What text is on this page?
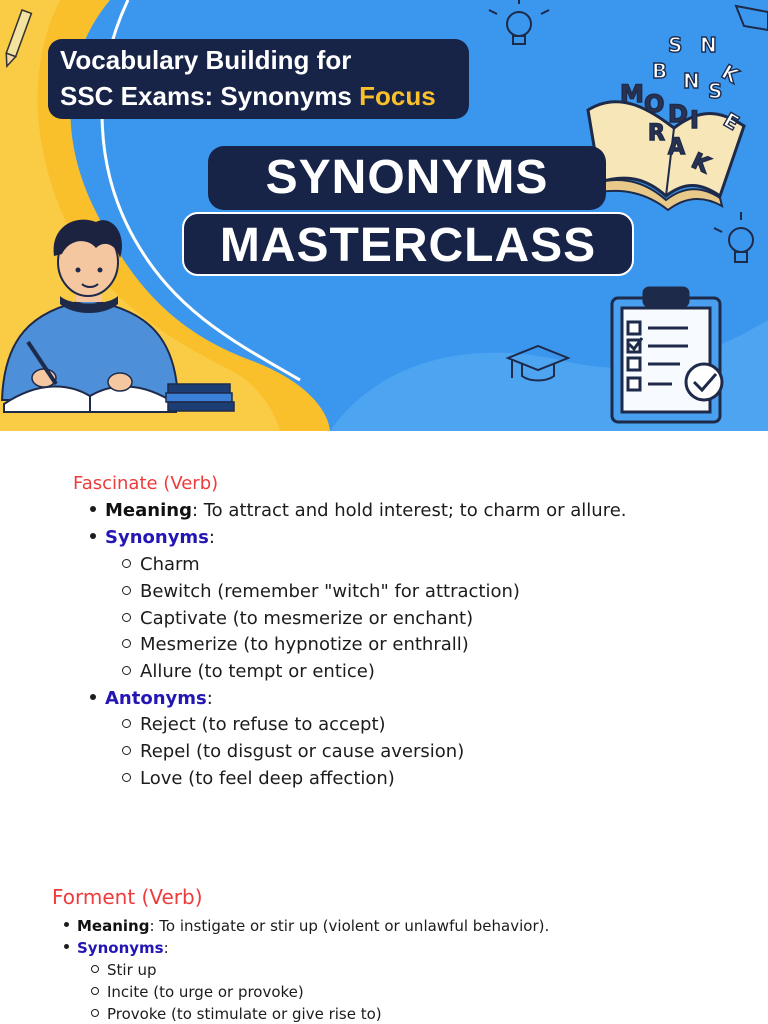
S N
K
B N S
E
M O D I
R
A
K
Vocabulary Building for
SSC Exams: Synonyms Focus
SYNONYMS
MASTERCLASS
Fascinate (Verb)
Meaning: To attract and hold interest; to charm or allure.
Synonyms:
Charm
Bewitch (remember "witch" for attraction)
Captivate (to mesmerize or enchant)
Mesmerize (to hypnotize or enthrall)
Allure (to tempt or entice)
Antonyms:
Reject (to refuse to accept)
Repel (to disgust or cause aversion)
Love (to feel deep affection)
Forment (Verb)
Meaning: To instigate or stir up (violent or unlawful behavior).
Synonyms:
Stir up
Incite (to urge or provoke)
Provoke (to stimulate or give rise to)
